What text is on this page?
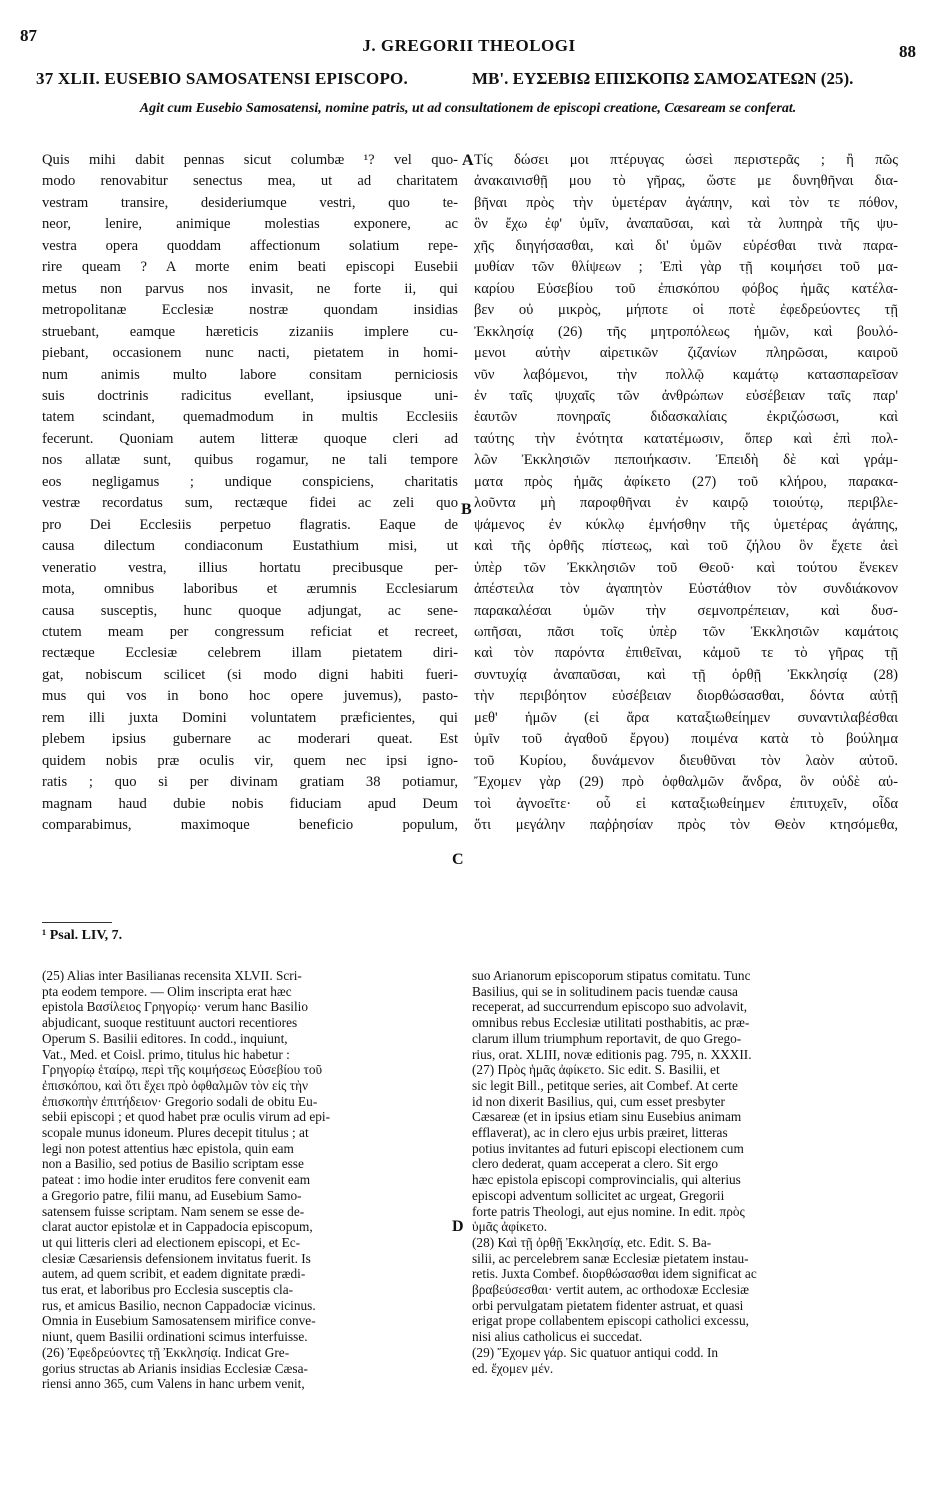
87
J. GREGORII THEOLOGI	88
37 XLII. EUSEBIO SAMOSATENSI EPISCOPO.	ΜΒ'. ΕΥΣΕΒΙΩ ΕΠΙΣΚΟΠΩ ΣΑΜΟΣΑΤΕΩΝ (25).
Agit cum Eusebio Samosatensi, nomine patris, ut ad consultationem de episcopi creatione, Cæsaream se conferat.
Quis mihi dabit pennas sicut columbæ ¹? vel quo-
modo renovabitur senectus mea, ut ad charitatem
vestram transire, desideriumque vestri, quo te-
neor, lenire, animique molestias exponere, ac
vestra opera quoddam affectionum solatium repe-
rire queam ? A morte enim beati episcopi Eusebii
metus non parvus nos invasit, ne forte ii, qui
metropolitanæ Ecclesiæ nostræ quondam insidias
struebant, eamque hæreticis zizaniis implere cu-
piebant, occasionem nunc nacti, pietatem in homi-
num animis multo labore consitam perniciosis
suis doctrinis radicitus evellant, ipsiusque uni-
tatem scindant, quemadmodum in multis Ecclesiis
fecerunt. Quoniam autem litteræ quoque cleri ad
nos allatæ sunt, quibus rogamur, ne tali tempore
eos negligamus ; undique conspiciens, charitatis
vestræ recordatus sum, rectæque fidei ac zeli quo
pro Dei Ecclesiis perpetuo flagratis. Eaque de
causa dilectum condiaconum Eustathium misi, ut
veneratio vestra, illius hortatu precibusque per-
mota, omnibus laboribus et ærumnis Ecclesiarum
causa susceptis, hunc quoque adjungat, ac sene-
ctutem meam per congressum reficiat et recreet,
rectæque Ecclesiæ celebrem illam pietatem diri-
gat, nobiscum scilicet (si modo digni habiti fueri-
mus qui vos in bono hoc opere juvemus), pasto-
rem illi juxta Domini voluntatem præficientes, qui
plebem ipsius gubernare ac moderari queat. Est
quidem nobis præ oculis vir, quem nec ipsi igno-
ratis ; quo si per divinam gratiam 38 potiamur,
magnam haud dubie nobis fiduciam apud Deum
comparabimus, maximoque beneficio populum,
Τίς δώσει μοι πτέρυγας ὡσεὶ περιστερᾶς ; ἢ πῶς
ἀνακαινισθῇ μου τὸ γῆρας, ὥστε με δυνηθῆναι δια-
βῆναι πρὸς τὴν ὑμετέραν ἀγάπην, καὶ τὸν τε πόθον,
ὃν ἔχω ἐφ' ὑμῖν, ἀναπαῦσαι, καὶ τὰ λυπηρὰ τῆς ψυ-
χῆς διηγήσασθαι, καὶ δι' ὑμῶν εὑρέσθαι τινὰ παρα-
μυθίαν τῶν θλίψεων ; Ἐπὶ γὰρ τῇ κοιμήσει τοῦ μα-
καρίου Εὐσεβίου τοῦ ἐπισκόπου φόβος ἡμᾶς κατέλα-
βεν οὐ μικρὸς, μήποτε οἱ ποτὲ ἐφεδρεύοντες τῇ
Ἐκκλησίᾳ (26) τῆς μητροπόλεως ἡμῶν, καὶ βουλό-
μενοι αὐτὴν αἱρετικῶν ζιζανίων πληρῶσαι, καιροῦ
νῦν λαβόμενοι, τὴν πολλῷ καμάτῳ κατασπαρεῖσαν
ἐν ταῖς ψυχαῖς τῶν ἀνθρώπων εὐσέβειαν ταῖς παρ'
ἑαυτῶν πονηραῖς διδασκαλίαις ἐκριζώσωσι, καὶ
ταύτης τὴν ἑνότητα κατατέμωσιν, ὅπερ καὶ ἐπὶ πολ-
λῶν Ἐκκλησιῶν πεποιήκασιν. Ἐπειδὴ δὲ καὶ γράμ-
ματα πρὸς ἡμᾶς ἀφίκετο (27) τοῦ κλήρου, παρακα-
λοῦντα μὴ παροφθῆναι ἐν καιρῷ τοιούτῳ, περιβλε-
ψάμενος ἐν κύκλῳ ἐμνήσθην τῆς ὑμετέρας ἀγάπης,
καὶ τῆς ὀρθῆς πίστεως, καὶ τοῦ ζήλου ὃν ἔχετε ἀεὶ
ὑπὲρ τῶν Ἐκκλησιῶν τοῦ Θεοῦ· καὶ τούτου ἕνεκεν
ἀπέστειλα τὸν ἀγαπητὸν Εὐστάθιον τὸν συνδιάκονον
παρακαλέσαι ὑμῶν τὴν σεμνοπρέπειαν, καὶ δυσ-
ωπῆσαι, πᾶσι τοῖς ὑπὲρ τῶν Ἐκκλησιῶν καμάτοις
καὶ τὸν παρόντα ἐπιθεῖναι, κἀμοῦ τε τὸ γῆρας τῇ
συντυχίᾳ ἀναπαῦσαι, καὶ τῇ ὀρθῇ Ἐκκλησίᾳ (28)
τὴν περιβόητον εὐσέβειαν διορθώσασθαι, δόντα αὐτῇ
μεθ' ἡμῶν (εἰ ἄρα καταξιωθείημεν συναντιλαβέσθαι
ὑμῖν τοῦ ἀγαθοῦ ἔργου) ποιμένα κατὰ τὸ βούλημα
τοῦ Κυρίου, δυνάμενον διευθῦναι τὸν λαὸν αὐτοῦ.
Ἔχομεν γὰρ (29) πρὸ ὀφθαλμῶν ἄνδρα, ὃν οὐδὲ αὐ-
τοὶ ἀγνοεῖτε· οὗ εἰ καταξιωθείημεν ἐπιτυχεῖν, οἶδα
ὅτι μεγάλην παῤῥησίαν πρὸς τὸν Θεὸν κτησόμεθα,
A
B
C
D
¹ Psal. LIV, 7.
(25) Alias inter Basilianas recensita XLVII. Scri-
pta eodem tempore. — Olim inscripta erat hæc
epistola Βασίλειος Γρηγορίῳ· verum hanc Basilio
abjudicant, suoque restituunt auctori recentiores
Operum S. Basilii editores. In codd., inquiunt,
Vat., Med. et Coisl. primo, titulus hic habetur :
Γρηγορίῳ ἑταίρῳ, περὶ τῆς κοιμήσεως Εὐσεβίου τοῦ
ἐπισκόπου, καὶ ὅτι ἔχει πρὸ ὀφθαλμῶν τὸν εἰς τὴν
ἐπισκοπὴν ἐπιτήδειον· Gregorio sodali de obitu Eu-
sebii episcopi ; et quod habet præ oculis virum ad epi-
scopale munus idoneum. Plures decepit titulus ; at
legi non potest attentius hæc epistola, quin eam
non a Basilio, sed potius de Basilio scriptam esse
pateat : imo hodie inter eruditos fere convenit eam
a Gregorio patre, filii manu, ad Eusebium Samo-
satensem fuisse scriptam. Nam senem se esse de-
clarat auctor epistolæ et in Cappadocia episcopum,
ut qui litteris cleri ad electionem episcopi, et Ec-
clesiæ Cæsariensis defensionem invitatus fuerit. Is
autem, ad quem scribit, et eadem dignitate prædi-
tus erat, et laboribus pro Ecclesia susceptis cla-
rus, et amicus Basilio, necnon Cappadociæ vicinus.
Omnia in Eusebium Samosatensem mirifice conve-
niunt, quem Basilii ordinationi scimus interfuisse.
(26) Ἐφεδρεύοντες τῇ Ἐκκλησίᾳ. Indicat Gre-
gorius structas ab Arianis insidias Ecclesiæ Cæsa-
riensi anno 365, cum Valens in hanc urbem venit,
suo Arianorum episcoporum stipatus comitatu. Tunc
Basilius, qui se in solitudinem pacis tuendæ causa
receperat, ad succurrendum episcopo suo advolavit,
omnibus rebus Ecclesiæ utilitati posthabitis, ac præ-
clarum illum triumphum reportavit, de quo Grego-
rius, orat. XLIII, novæ editionis pag. 795, n. XXXII.
(27) Πρὸς ἡμᾶς ἀφίκετο. Sic edit. S. Basilii, et
sic legit Bill., petitque series, ait Combef. At certe
id non dixerit Basilius, qui, cum esset presbyter
Cæsareæ (et in ipsius etiam sinu Eusebius animam
efflaverat), ac in clero ejus urbis præiret, litteras
potius invitantes ad futuri episcopi electionem cum
clero dederat, quam acceperat a clero. Sit ergo
hæc epistola episcopi comprovincialis, qui alterius
episcopi adventum sollicitet ac urgeat, Gregorii
forte patris Theologi, aut ejus nomine. In edit. πρὸς
ὑμᾶς ἀφίκετο.
(28) Καὶ τῇ ὀρθῇ Ἐκκλησίᾳ, etc. Edit. S. Ba-
silii, ac percelebrem sanæ Ecclesiæ pietatem instau-
retis. Juxta Combef. διορθώσασθαι idem significat ac
βραβεύσεσθαι· vertit autem, ac orthodoxæ Ecclesiæ
orbi pervulgatam pietatem fidenter astruat, et quasi
erigat prope collabentem episcopi catholici excessu,
nisi alius catholicus ei succedat.
(29) Ἔχομεν γάρ. Sic quatuor antiqui codd. In
ed. ἔχομεν μέν.
